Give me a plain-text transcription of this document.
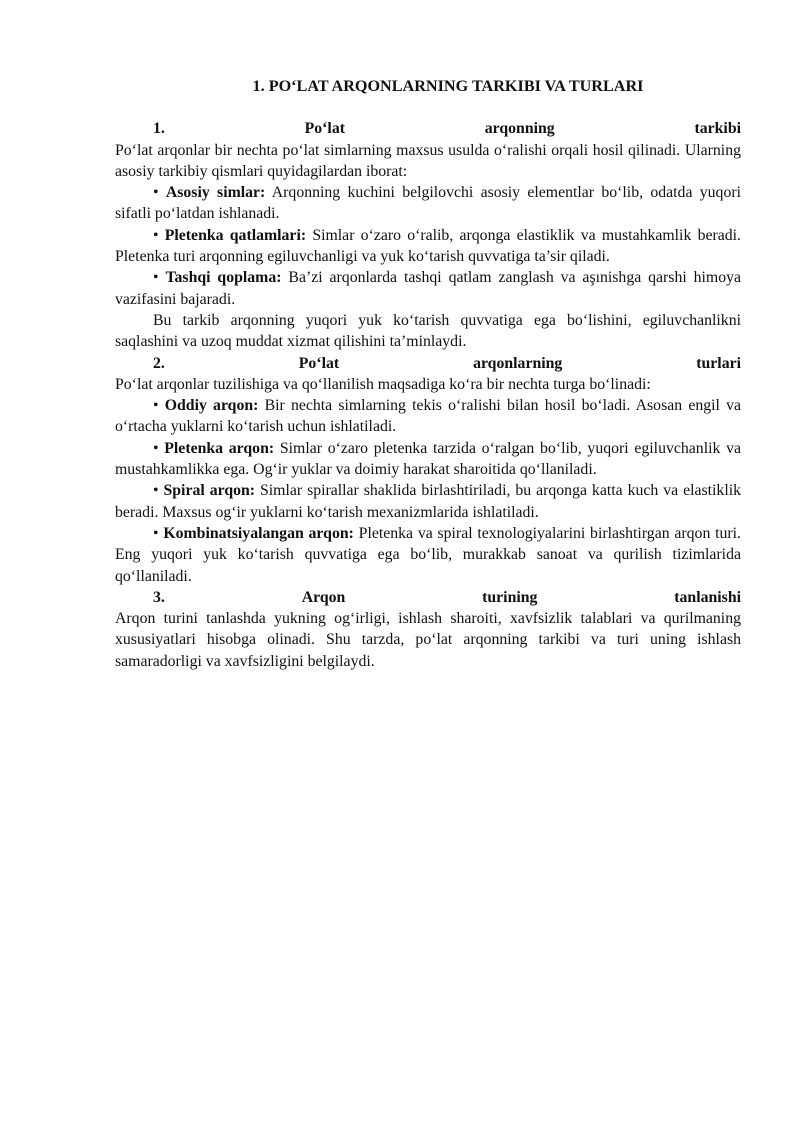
1. PO‘LAT ARQONLARNING TARKIBI VA TURLARI
1.	Po‘lat	arqonning	tarkibi

Po‘lat arqonlar bir nechta po‘lat simlarning maxsus usulda o‘ralishi orqali hosil qilinadi. Ularning asosiy tarkibiy qismlari quyidagilardan iborat:

• Asosiy simlar: Arqonning kuchini belgilovchi asosiy elementlar bo‘lib, odatda yuqori sifatli po‘latdan ishlanadi.

• Pletenka qatlamlari: Simlar o‘zaro o‘ralib, arqonga elastiklik va mustahkamlik beradi. Pletenka turi arqonning egiluvchanligi va yuk ko‘tarish quvvatiga ta’sir qiladi.

• Tashqi qoplama: Ba’zi arqonlarda tashqi qatlam zanglash va aşınishga qarshi himoya vazifasini bajaradi.

Bu tarkib arqonning yuqori yuk ko‘tarish quvvatiga ega bo‘lishini, egiluvchanlikni saqlashini va uzoq muddat xizmat qilishini ta’minlaydi.

2.	Po‘lat	arqonlarning	turlari

Po‘lat arqonlar tuzilishiga va qo‘llanilish maqsadiga ko‘ra bir nechta turga bo‘linadi:

• Oddiy arqon: Bir nechta simlarning tekis o‘ralishi bilan hosil bo‘ladi. Asosan engil va o‘rtacha yuklarni ko‘tarish uchun ishlatiladi.

• Pletenka arqon: Simlar o‘zaro pletenka tarzida o‘ralgan bo‘lib, yuqori egiluvchanlik va mustahkamlikka ega. Og‘ir yuklar va doimiy harakat sharoitida qo‘llaniladi.

• Spiral arqon: Simlar spirallar shaklida birlashtiriladi, bu arqonga katta kuch va elastiklik beradi. Maxsus og‘ir yuklarni ko‘tarish mexanizmlarida ishlatiladi.

• Kombinatsiyalangan arqon: Pletenka va spiral texnologiyalarini birlashtirgan arqon turi. Eng yuqori yuk ko‘tarish quvvatiga ega bo‘lib, murakkab sanoat va qurilish tizimlarida qo‘llaniladi.

3.	Arqon	turining	tanlanishi

Arqon turini tanlashda yukning og‘irligi, ishlash sharoiti, xavfsizlik talablari va qurilmaning xususiyatlari hisobga olinadi. Shu tarzda, po‘lat arqonning tarkibi va turi uning ishlash samaradorligi va xavfsizligini belgilaydi.
